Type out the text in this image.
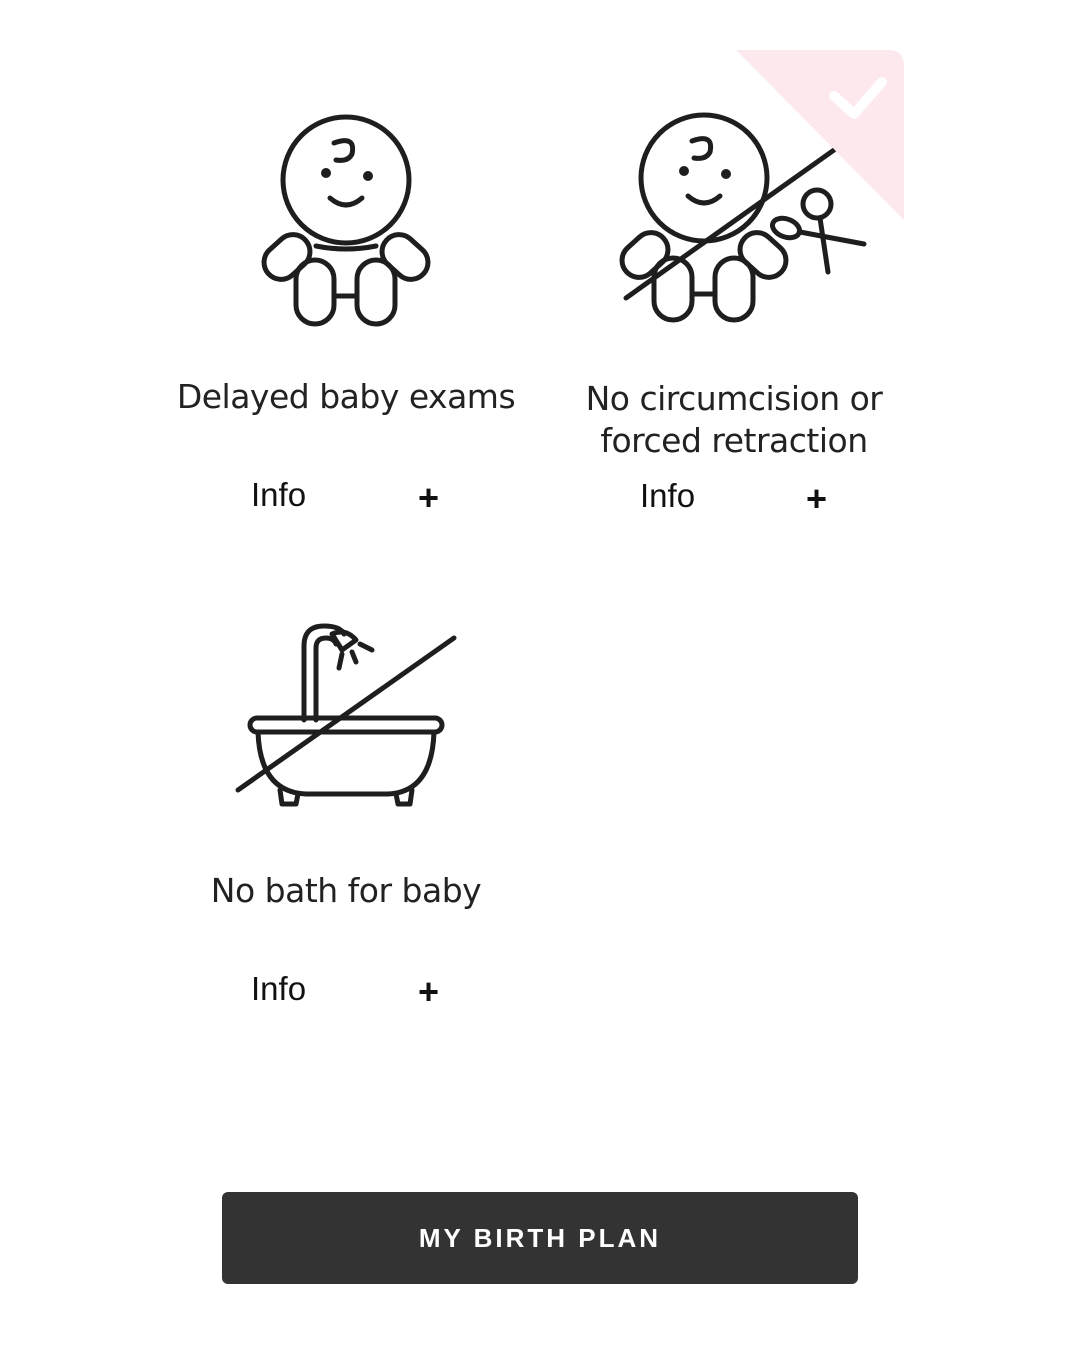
Delayed baby exams
Info	+
No circumcision or
forced retraction
Info	+
No bath for baby
Info	+
MY BIRTH PLAN
